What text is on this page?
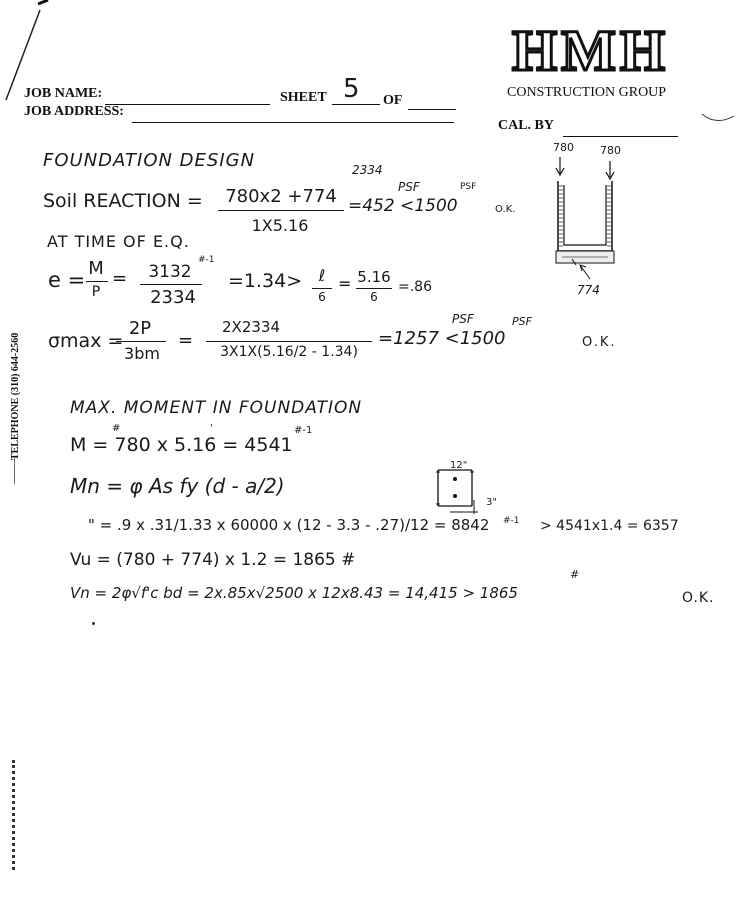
JOB NAME:	SHEET 5 OF
JOB ADDRESS:
HMH
CONSTRUCTION GROUP
CAL. BY
TELEPHONE (310) 644-2560
FOUNDATION DESIGN
Soil REACTION =
2334
780x2 +774
1X5.16
PSF	PSF
=452 <1500	O.K.
AT TIME OF E.Q.
e = M
P
=	3132
2334
#-1
=1.34>	ℓ
6
= 5.16
6
=.86
σmax =
2P
3bm
=
2X2334
3X1X(5.16/2 - 1.34)
PSF	PSF
=1257 <1500	O.K.
MAX. MOMENT IN FOUNDATION
M = 780 x 5.16 = 4541
#	'	#-1
Mn = φ As fy (d - a/2)
" = .9 x .31/1.33 x 60000 x (12 - 3.3 - .27)/12 = 8842 #-1 > 4541x1.4 = 6357
Vu = (780 + 774) x 1.2 = 1865 #
#
Vn = 2φ√f'c bd = 2x.85x√2500 x 12x8.43 = 14,415 > 1865	O.K.
780 780
774
12"
3"
